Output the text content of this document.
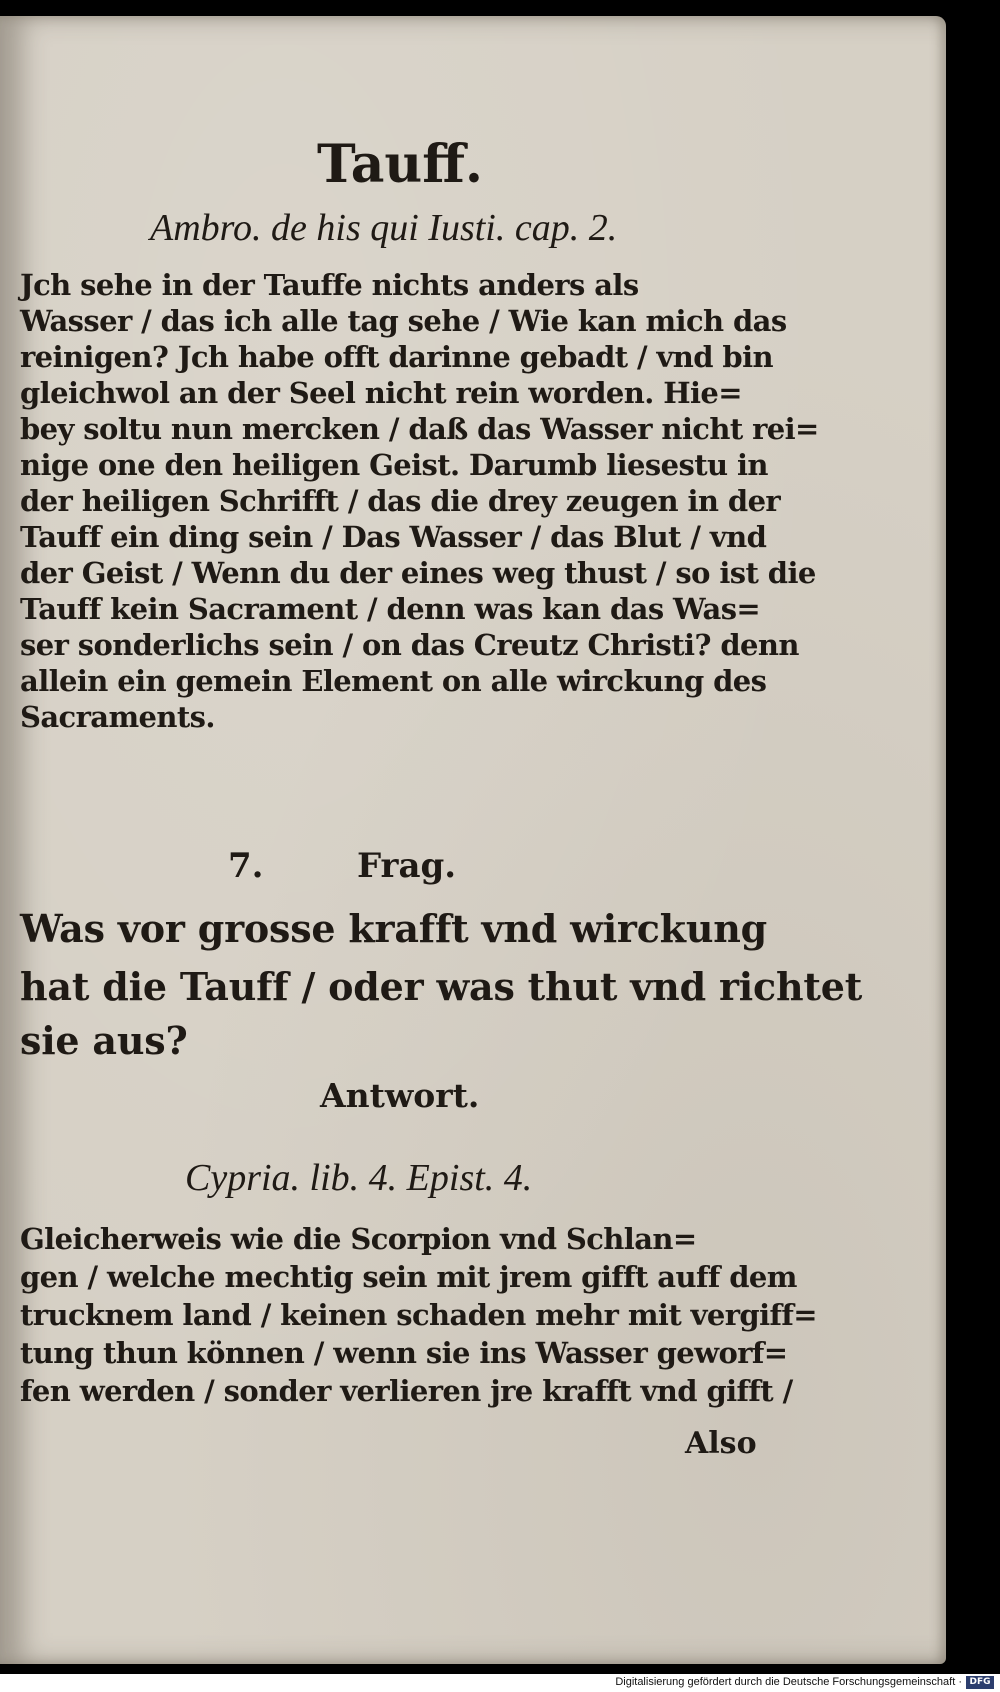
Tauff.
Ambro. de his qui Iusti. cap. 2.
Jch sehe in der Tauffe nichts anders als
Wasser / das ich alle tag sehe / Wie kan mich das
reinigen? Jch habe offt darinne gebadt / vnd bin
gleichwol an der Seel nicht rein worden. Hie=
bey soltu nun mercken / daß das Wasser nicht rei=
nige one den heiligen Geist. Darumb liesestu in
der heiligen Schrifft / das die drey zeugen in der
Tauff ein ding sein / Das Wasser / das Blut / vnd
der Geist / Wenn du der eines weg thust / so ist die
Tauff kein Sacrament / denn was kan das Was=
ser sonderlichs sein / on das Creutz Christi? denn
allein ein gemein Element on alle wirckung des
Sacraments.
7.	Frag.
Was vor grosse krafft vnd wirckung
hat die Tauff / oder was thut vnd richtet
sie aus?
Antwort.
Cypria. lib. 4. Epist. 4.
Gleicherweis wie die Scorpion vnd Schlan=
gen / welche mechtig sein mit jrem gifft auff dem
trucknem land / keinen schaden mehr mit vergiff=
tung thun können / wenn sie ins Wasser geworf=
fen werden / sonder verlieren jre krafft vnd gifft /
Also
Digitalisierung gefördert durch die Deutsche Forschungsgemeinschaft · DFG
